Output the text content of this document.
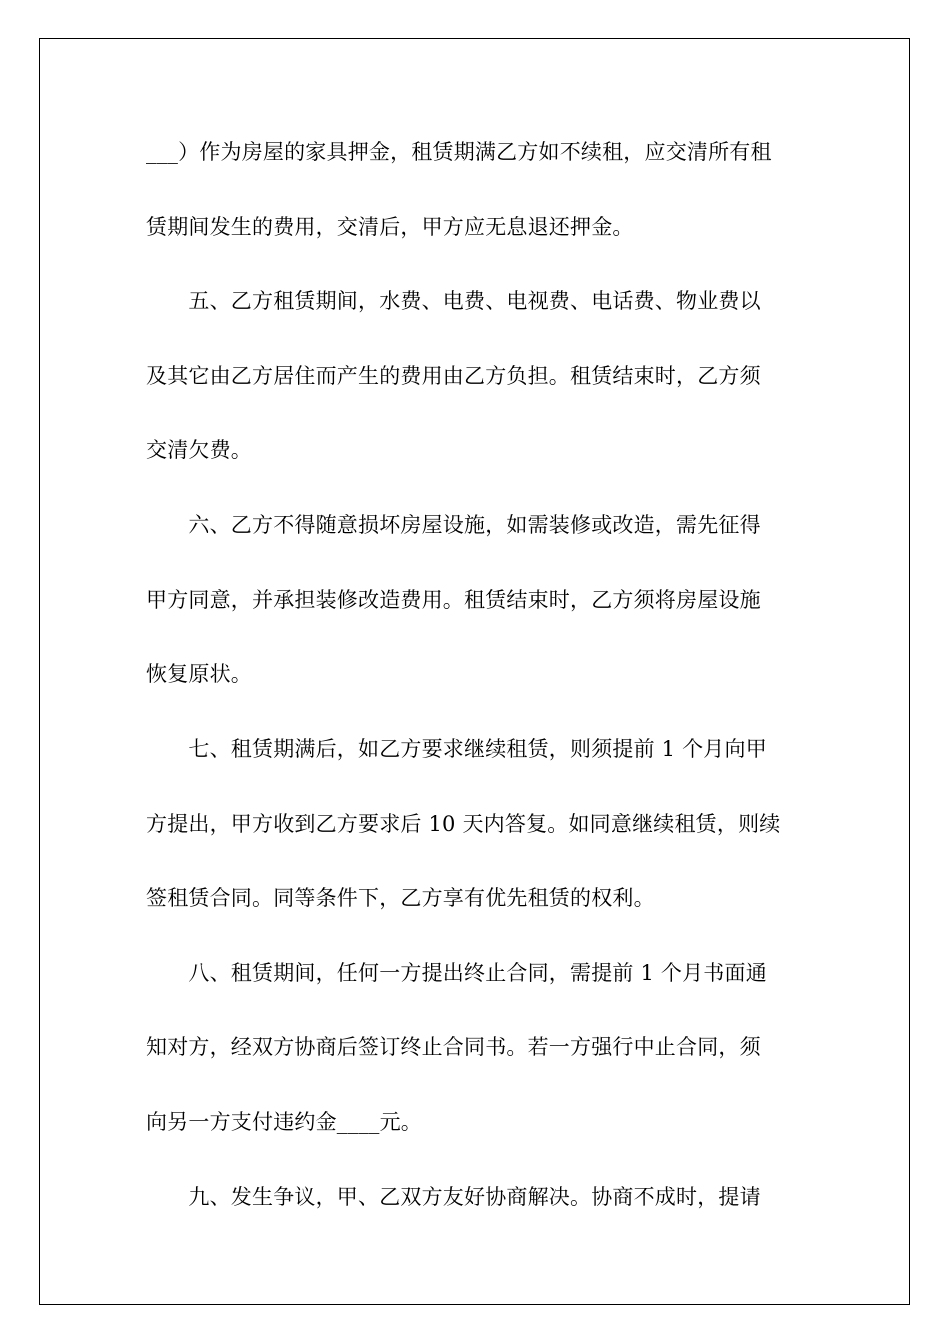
___）作为房屋的家具押金，租赁期满乙方如不续租，应交清所有租
赁期间发生的费用，交清后，甲方应无息退还押金。
　　五、乙方租赁期间，水费、电费、电视费、电话费、物业费以
及其它由乙方居住而产生的费用由乙方负担。租赁结束时，乙方须
交清欠费。
　　六、乙方不得随意损坏房屋设施，如需装修或改造，需先征得
甲方同意，并承担装修改造费用。租赁结束时，乙方须将房屋设施
恢复原状。
　　七、租赁期满后，如乙方要求继续租赁，则须提前 1 个月向甲
方提出，甲方收到乙方要求后 10 天内答复。如同意继续租赁，则续
签租赁合同。同等条件下，乙方享有优先租赁的权利。
　　八、租赁期间，任何一方提出终止合同，需提前 1 个月书面通
知对方，经双方协商后签订终止合同书。若一方强行中止合同，须
向另一方支付违约金____元。
　　九、发生争议，甲、乙双方友好协商解决。协商不成时，提请
